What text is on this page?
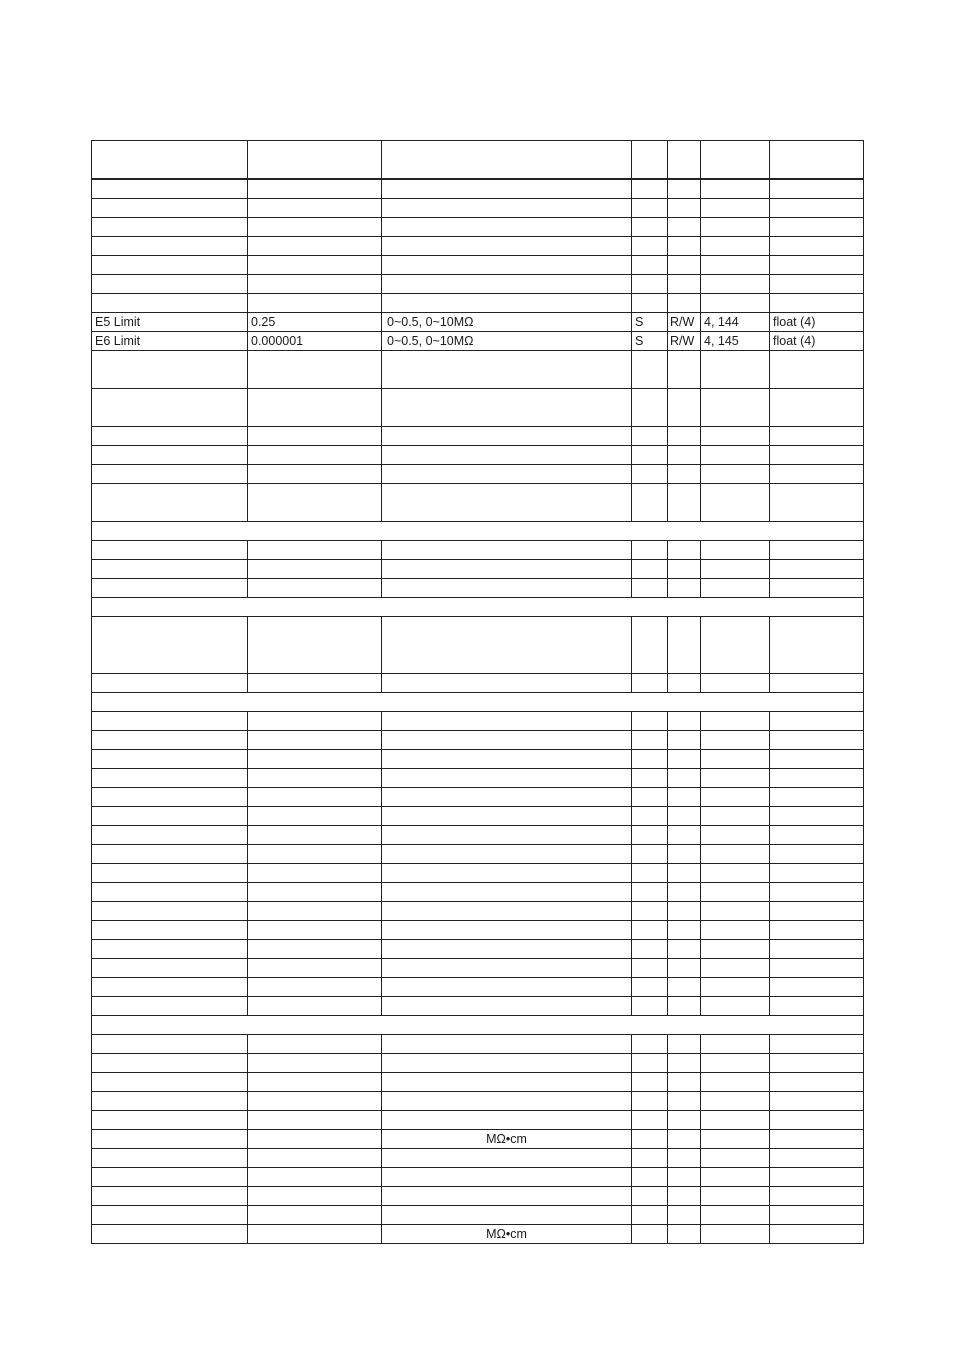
E5 Limit	0.25	0~0.5, 0~10MΩ	S	R/W	4, 144	float (4)
E6 Limit	0.000001	0~0.5, 0~10MΩ	S	R/W	4, 145	float (4)

		MΩ•cm				

		MΩ•cm				
